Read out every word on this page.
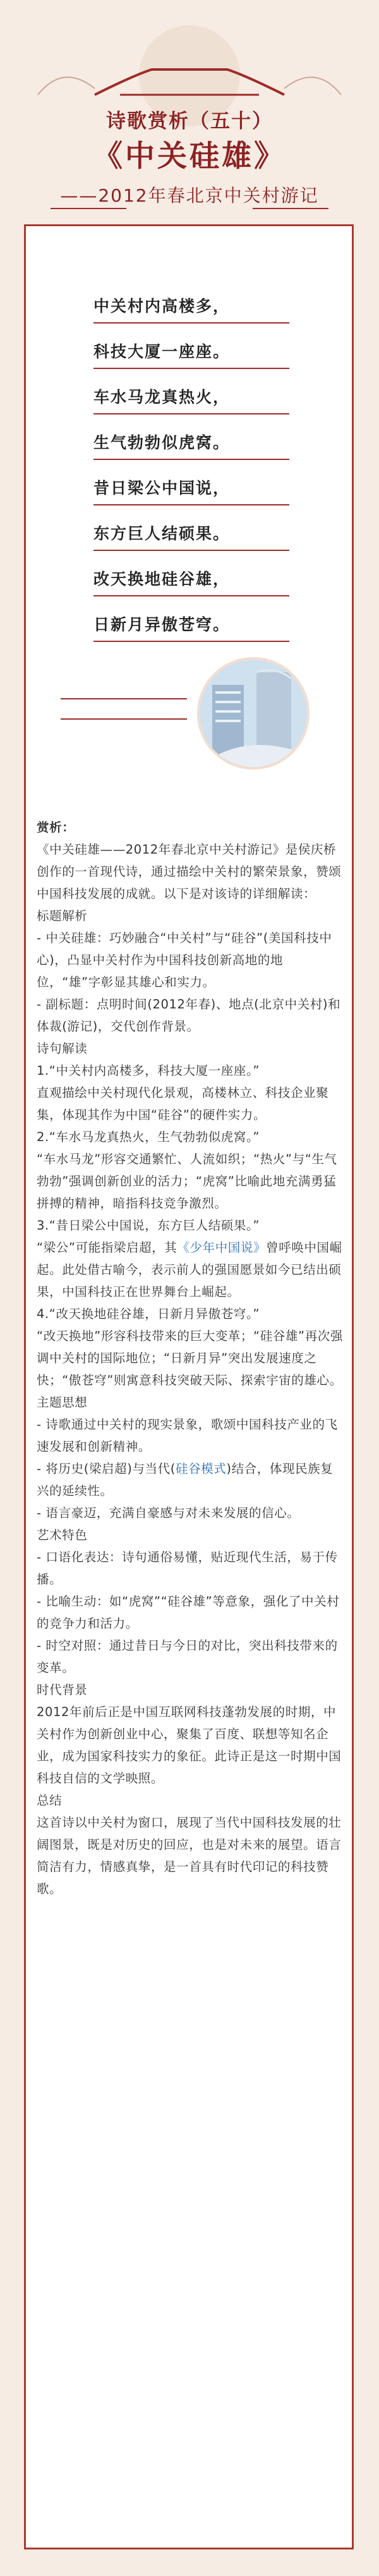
诗歌赏析（五十）
《中关硅雄》
——2012年春北京中关村游记
中关村内高楼多，
科技大厦一座座。
车水马龙真热火，
生气勃勃似虎窝。
昔日梁公中国说，
东方巨人结硕果。
改天换地硅谷雄，
日新月异傲苍穹。

赏析：

《中关硅雄——2012年春北京中关村游记》是侯庆桥创作的一首现代诗，通过描绘中关村的繁荣景象，赞颂中国科技发展的成就。以下是对该诗的详细解读：

标题解析

- 中关硅雄：巧妙融合“中关村”与“硅谷”(美国科技中心)，凸显中关村作为中国科技创新高地的地位，“雄”字彰显其雄心和实力。

- 副标题：点明时间(2012年春)、地点(北京中关村)和体裁(游记)，交代创作背景。

诗句解读

1.“中关村内高楼多，科技大厦一座座。”

直观描绘中关村现代化景观，高楼林立、科技企业聚集，体现其作为中国“硅谷”的硬件实力。

2.“车水马龙真热火，生气勃勃似虎窝。”

“车水马龙”形容交通繁忙、人流如织；“热火”与“生气勃勃”强调创新创业的活力；“虎窝”比喻此地充满勇猛拼搏的精神，暗指科技竞争激烈。

3.“昔日梁公中国说，东方巨人结硕果。”

“梁公”可能指梁启超，其《少年中国说》曾呼唤中国崛起。此处借古喻今，表示前人的强国愿景如今已结出硕果，中国科技正在世界舞台上崛起。

4.“改天换地硅谷雄，日新月异傲苍穹。”

“改天换地”形容科技带来的巨大变革；“硅谷雄”再次强调中关村的国际地位；“日新月异”突出发展速度之快；“傲苍穹”则寓意科技突破天际、探索宇宙的雄心。

主题思想

- 诗歌通过中关村的现实景象，歌颂中国科技产业的飞速发展和创新精神。

- 将历史(梁启超)与当代(硅谷模式)结合，体现民族复兴的延续性。

- 语言豪迈，充满自豪感与对未来发展的信心。

艺术特色

- 口语化表达：诗句通俗易懂，贴近现代生活，易于传播。

- 比喻生动：如“虎窝”“硅谷雄”等意象，强化了中关村的竞争力和活力。

- 时空对照：通过昔日与今日的对比，突出科技带来的变革。

时代背景

2012年前后正是中国互联网科技蓬勃发展的时期，中关村作为创新创业中心，聚集了百度、联想等知名企业，成为国家科技实力的象征。此诗正是这一时期中国科技自信的文学映照。

总结

这首诗以中关村为窗口，展现了当代中国科技发展的壮阔图景，既是对历史的回应，也是对未来的展望。语言简洁有力，情感真挚，是一首具有时代印记的科技赞歌。
